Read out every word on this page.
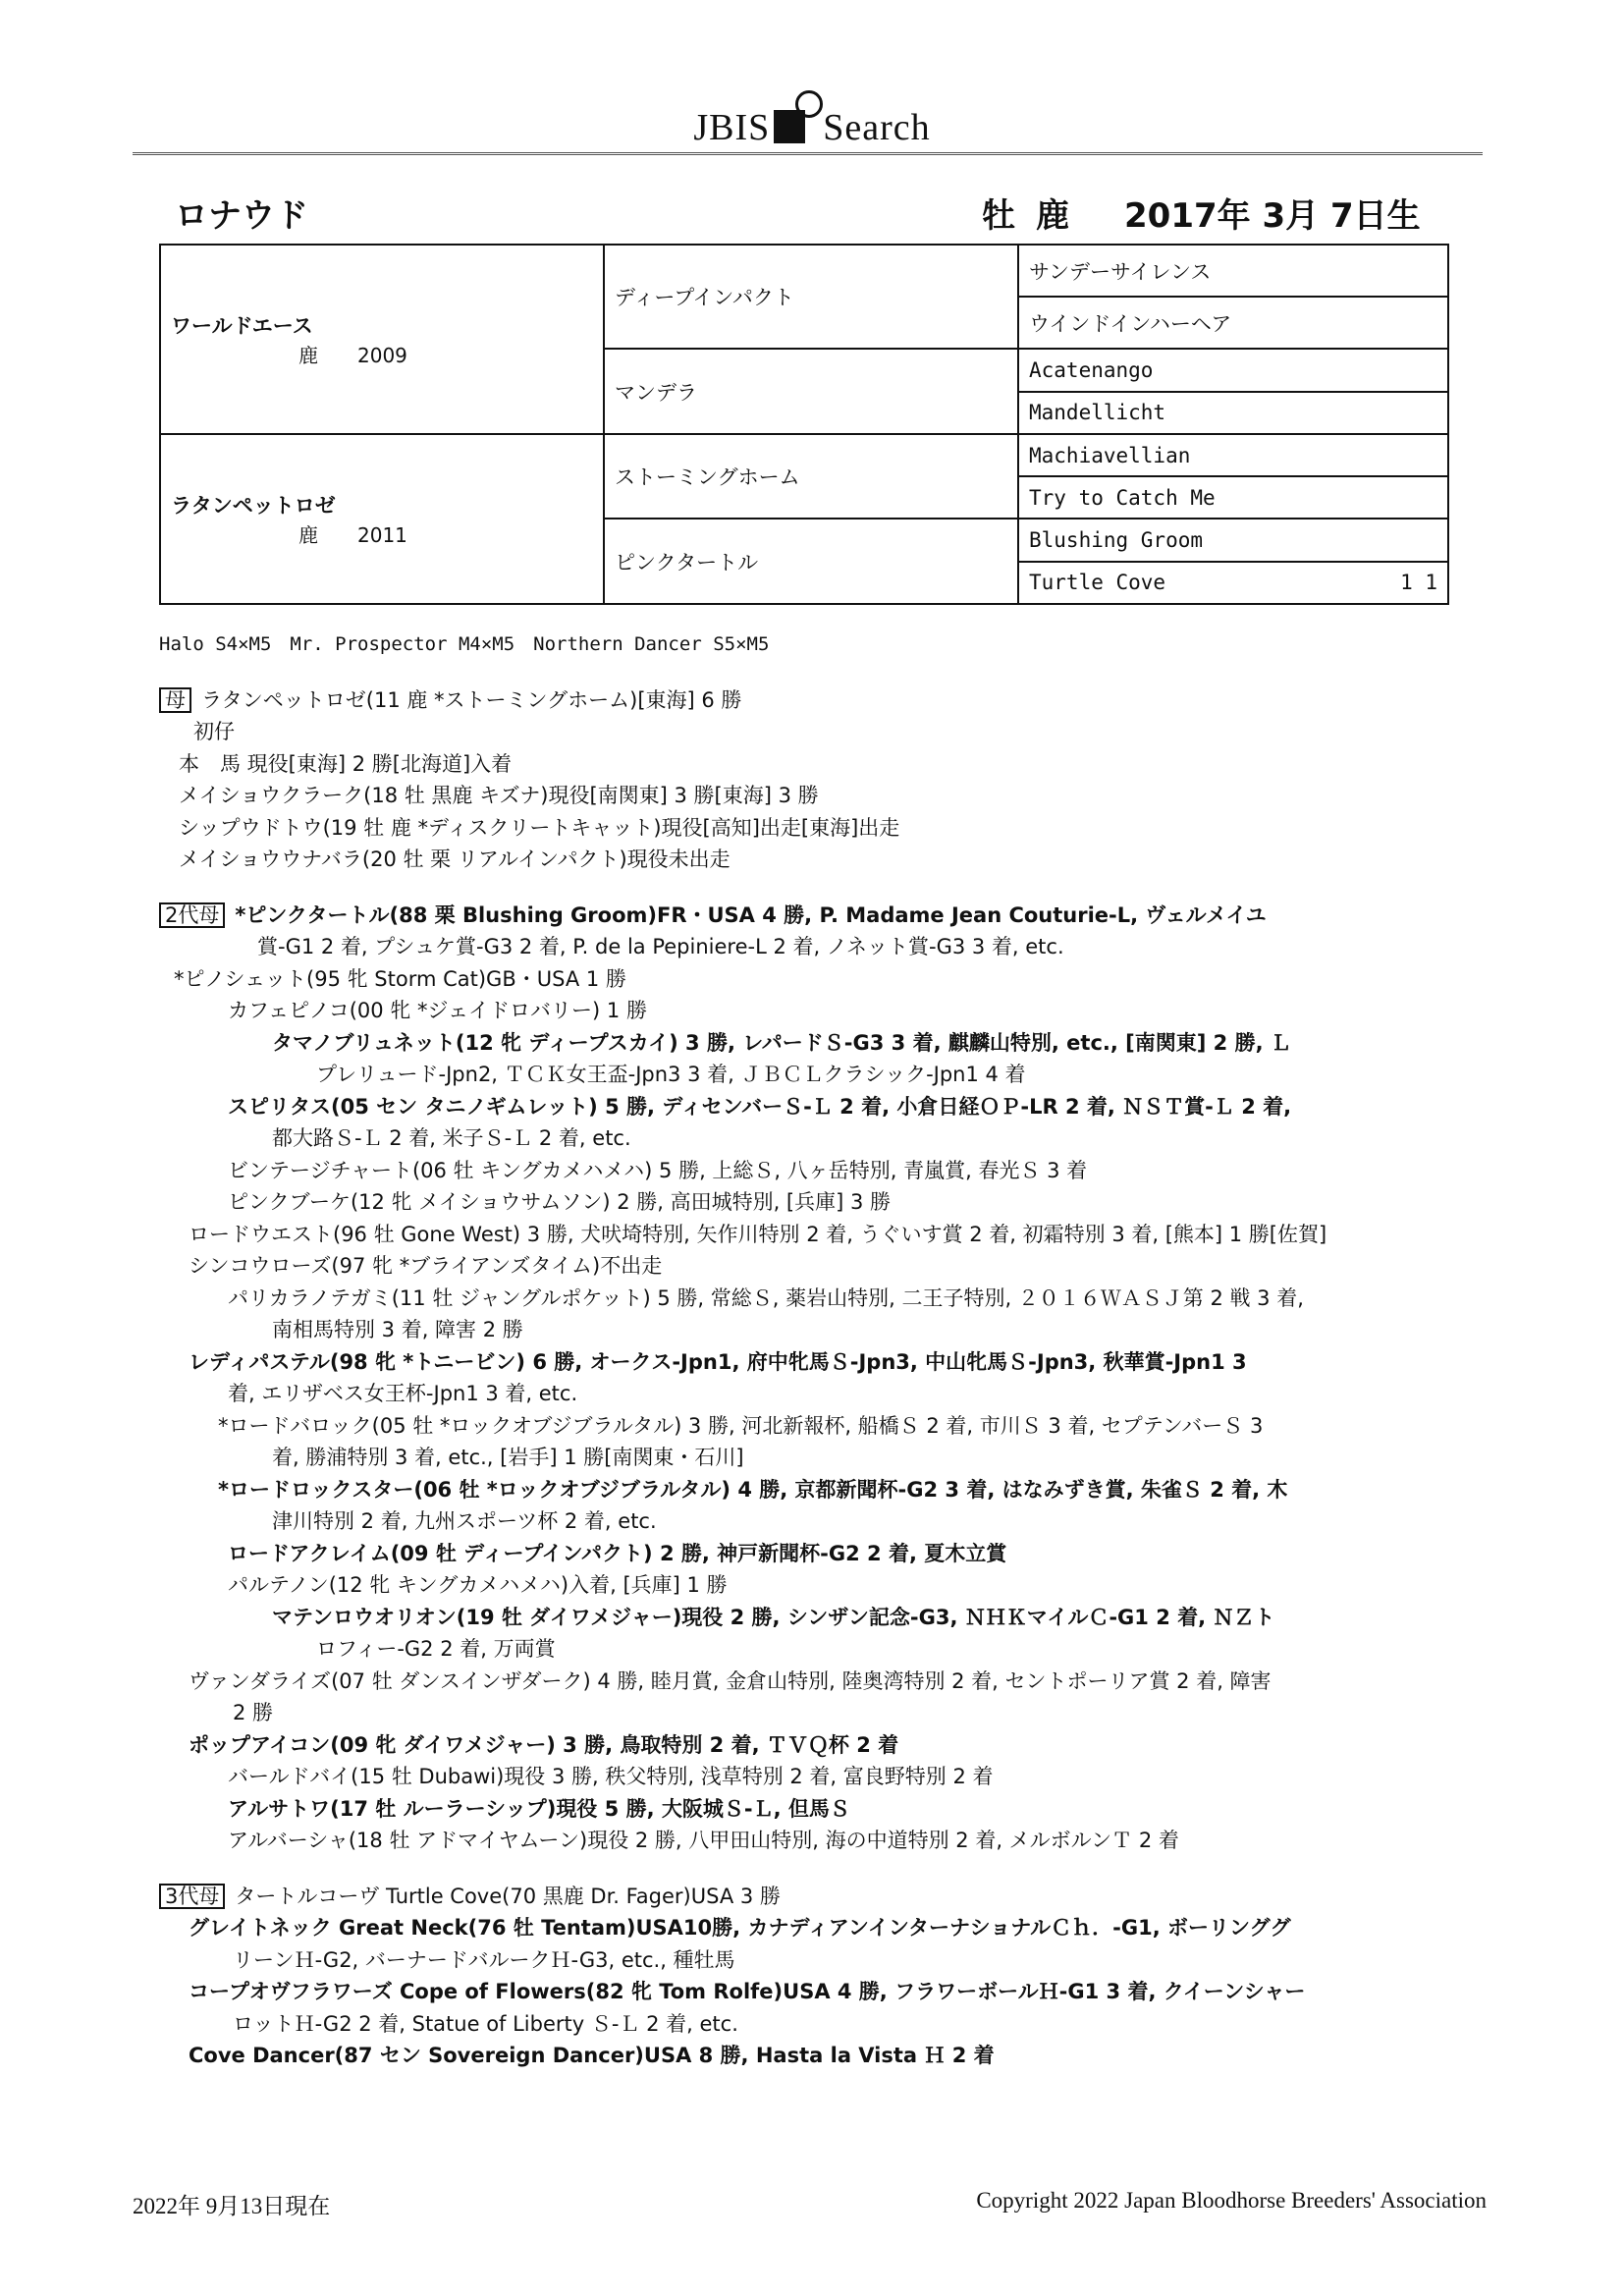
JBIS Search
ロナウド	牡 鹿 2017年 3月 7日生
ワールドエース
鹿　　 2009	ディープインパクト	サンデーサイレンス
		ウインドインハーヘア
	マンデラ	Acatenango
		Mandellicht
ラタンペットロゼ
鹿　　 2011	ストーミングホーム	Machiavellian
		Try to Catch Me
	ピンクタートル	Blushing Groom
		Turtle Cove 1 1
Halo S4×M5　Mr. Prospector M4×M5　Northern Dancer S5×M5
母 ラタンペットロゼ(11 鹿 *ストーミングホーム)[東海] 6 勝
初仔
本　馬 現役[東海] 2 勝[北海道]入着
メイショウクラーク(18 牡 黒鹿 キズナ)現役[南関東] 3 勝[東海] 3 勝
シップウドトウ(19 牡 鹿 *ディスクリートキャット)現役[高知]出走[東海]出走
メイショウウナバラ(20 牡 栗 リアルインパクト)現役未出走
2代母 *ピンクタートル(88 栗 Blushing Groom)FR・USA 4 勝, P. Madame Jean Couturie-L, ヴェルメイユ
賞-G1 2 着, プシュケ賞-G3 2 着, P. de la Pepiniere-L 2 着, ノネット賞-G3 3 着, etc.
*ピノシェット(95 牝 Storm Cat)GB・USA 1 勝
カフェピノコ(00 牝 *ジェイドロバリー) 1 勝
タマノブリュネット(12 牝 ディープスカイ) 3 勝, レパードＳ-G3 3 着, 麒麟山特別, etc., [南関東] 2 勝, Ｌ
プレリュード-Jpn2, ＴＣＫ女王盃-Jpn3 3 着, ＪＢＣＬクラシック-Jpn1 4 着
スピリタス(05 セン タニノギムレット) 5 勝, ディセンバーＳ-Ｌ 2 着, 小倉日経ＯＰ-LR 2 着, ＮＳＴ賞-Ｌ 2 着,
都大路Ｓ-Ｌ 2 着, 米子Ｓ-Ｌ 2 着, etc.
ビンテージチャート(06 牡 キングカメハメハ) 5 勝, 上総Ｓ, 八ヶ岳特別, 青嵐賞, 春光Ｓ 3 着
ピンクブーケ(12 牝 メイショウサムソン) 2 勝, 高田城特別, [兵庫] 3 勝
ロードウエスト(96 牡 Gone West) 3 勝, 犬吠埼特別, 矢作川特別 2 着, うぐいす賞 2 着, 初霜特別 3 着, [熊本] 1 勝[佐賀]
シンコウローズ(97 牝 *ブライアンズタイム)不出走
パリカラノテガミ(11 牡 ジャングルポケット) 5 勝, 常総Ｓ, 薬岩山特別, 二王子特別, ２０１６ＷＡＳＪ第 2 戦 3 着,
南相馬特別 3 着, 障害 2 勝
レディパステル(98 牝 *トニービン) 6 勝, オークス-Jpn1, 府中牝馬Ｓ-Jpn3, 中山牝馬Ｓ-Jpn3, 秋華賞-Jpn1 3
着, エリザベス女王杯-Jpn1 3 着, etc.
*ロードバロック(05 牡 *ロックオブジブラルタル) 3 勝, 河北新報杯, 船橋Ｓ 2 着, 市川Ｓ 3 着, セプテンバーＳ 3
着, 勝浦特別 3 着, etc., [岩手] 1 勝[南関東・石川]
*ロードロックスター(06 牡 *ロックオブジブラルタル) 4 勝, 京都新聞杯-G2 3 着, はなみずき賞, 朱雀Ｓ 2 着, 木
津川特別 2 着, 九州スポーツ杯 2 着, etc.
ロードアクレイム(09 牡 ディープインパクト) 2 勝, 神戸新聞杯-G2 2 着, 夏木立賞
パルテノン(12 牝 キングカメハメハ)入着, [兵庫] 1 勝
マテンロウオリオン(19 牡 ダイワメジャー)現役 2 勝, シンザン記念-G3, ＮＨＫマイルＣ-G1 2 着, ＮＺト
ロフィー-G2 2 着, 万両賞
ヴァンダライズ(07 牡 ダンスインザダーク) 4 勝, 睦月賞, 金倉山特別, 陸奥湾特別 2 着, セントポーリア賞 2 着, 障害
2 勝
ポップアイコン(09 牝 ダイワメジャー) 3 勝, 鳥取特別 2 着, ＴＶＱ杯 2 着
バールドバイ(15 牡 Dubawi)現役 3 勝, 秩父特別, 浅草特別 2 着, 富良野特別 2 着
アルサトワ(17 牡 ルーラーシップ)現役 5 勝, 大阪城Ｓ-Ｌ, 但馬Ｓ
アルバーシャ(18 牡 アドマイヤムーン)現役 2 勝, 八甲田山特別, 海の中道特別 2 着, メルボルンＴ 2 着
3代母 タートルコーヴ Turtle Cove(70 黒鹿 Dr. Fager)USA 3 勝
グレイトネック Great Neck(76 牡 Tentam)USA10勝, カナディアンインターナショナルＣｈ．-G1, ボーリンググ
リーンＨ-G2, バーナードバルークＨ-G3, etc., 種牡馬
コープオヴフラワーズ Cope of Flowers(82 牝 Tom Rolfe)USA 4 勝, フラワーボールＨ-G1 3 着, クイーンシャー
ロットＨ-G2 2 着, Statue of Liberty Ｓ-Ｌ 2 着, etc.
Cove Dancer(87 セン Sovereign Dancer)USA 8 勝, Hasta la Vista Ｈ 2 着
2022年 9月13日現在	Copyright 2022 Japan Bloodhorse Breeders' Association
